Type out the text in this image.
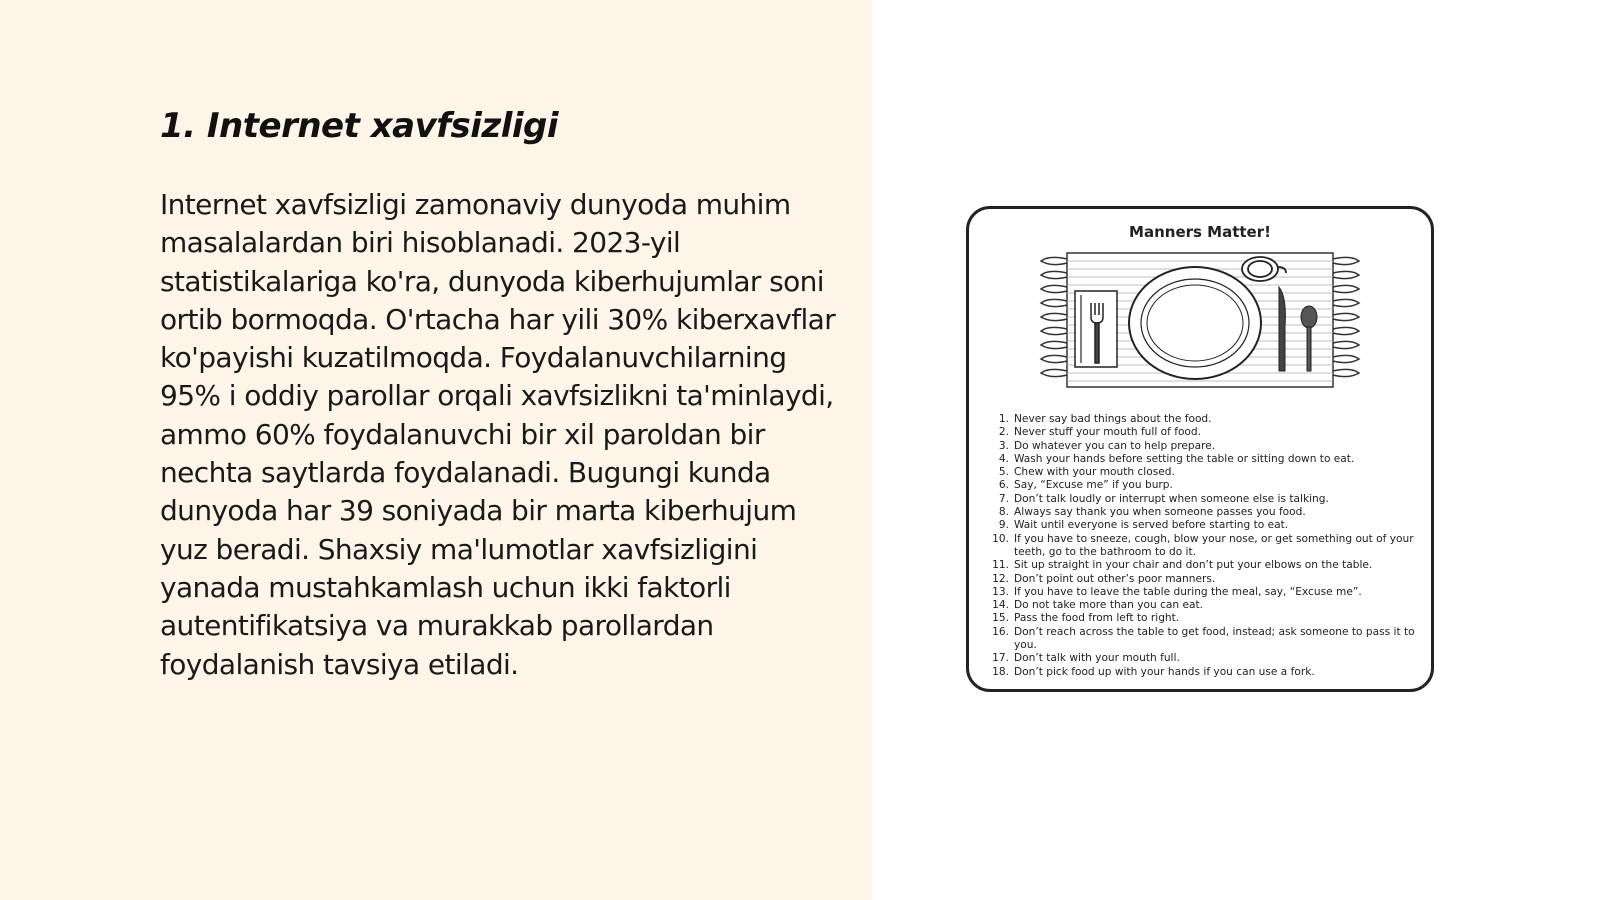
1. Internet xavfsizligi

Internet xavfsizligi zamonaviy dunyoda muhim masalalardan biri hisoblanadi. 2023-yil statistikalariga ko'ra, dunyoda kiberhujumlar soni ortib bormoqda. O'rtacha har yili 30% kiberxavflar ko'payishi kuzatilmoqda. Foydalanuvchilarning 95% i oddiy parollar orqali xavfsizlikni ta'minlaydi, ammo 60% foydalanuvchi bir xil paroldan bir nechta saytlarda foydalanadi. Bugungi kunda dunyoda har 39 soniyada bir marta kiberhujum yuz beradi. Shaxsiy ma'lumotlar xavfsizligini yanada mustahkamlash uchun ikki faktorli autentifikatsiya va murakkab parollardan foydalanish tavsiya etiladi.

Manners Matter!
1. Never say bad things about the food.
2. Never stuff your mouth full of food.
3. Do whatever you can to help prepare.
4. Wash your hands before setting the table or sitting down to eat.
5. Chew with your mouth closed.
6. Say, “Excuse me” if you burp.
7. Don’t talk loudly or interrupt when someone else is talking.
8. Always say thank you when someone passes you food.
9. Wait until everyone is served before starting to eat.
10. If you have to sneeze, cough, blow your nose, or get something out of your teeth, go to the bathroom to do it.
11. Sit up straight in your chair and don’t put your elbows on the table.
12. Don’t point out other’s poor manners.
13. If you have to leave the table during the meal, say, “Excuse me”.
14. Do not take more than you can eat.
15. Pass the food from left to right.
16. Don’t reach across the table to get food, instead; ask someone to pass it to you.
17. Don’t talk with your mouth full.
18. Don’t pick food up with your hands if you can use a fork.
